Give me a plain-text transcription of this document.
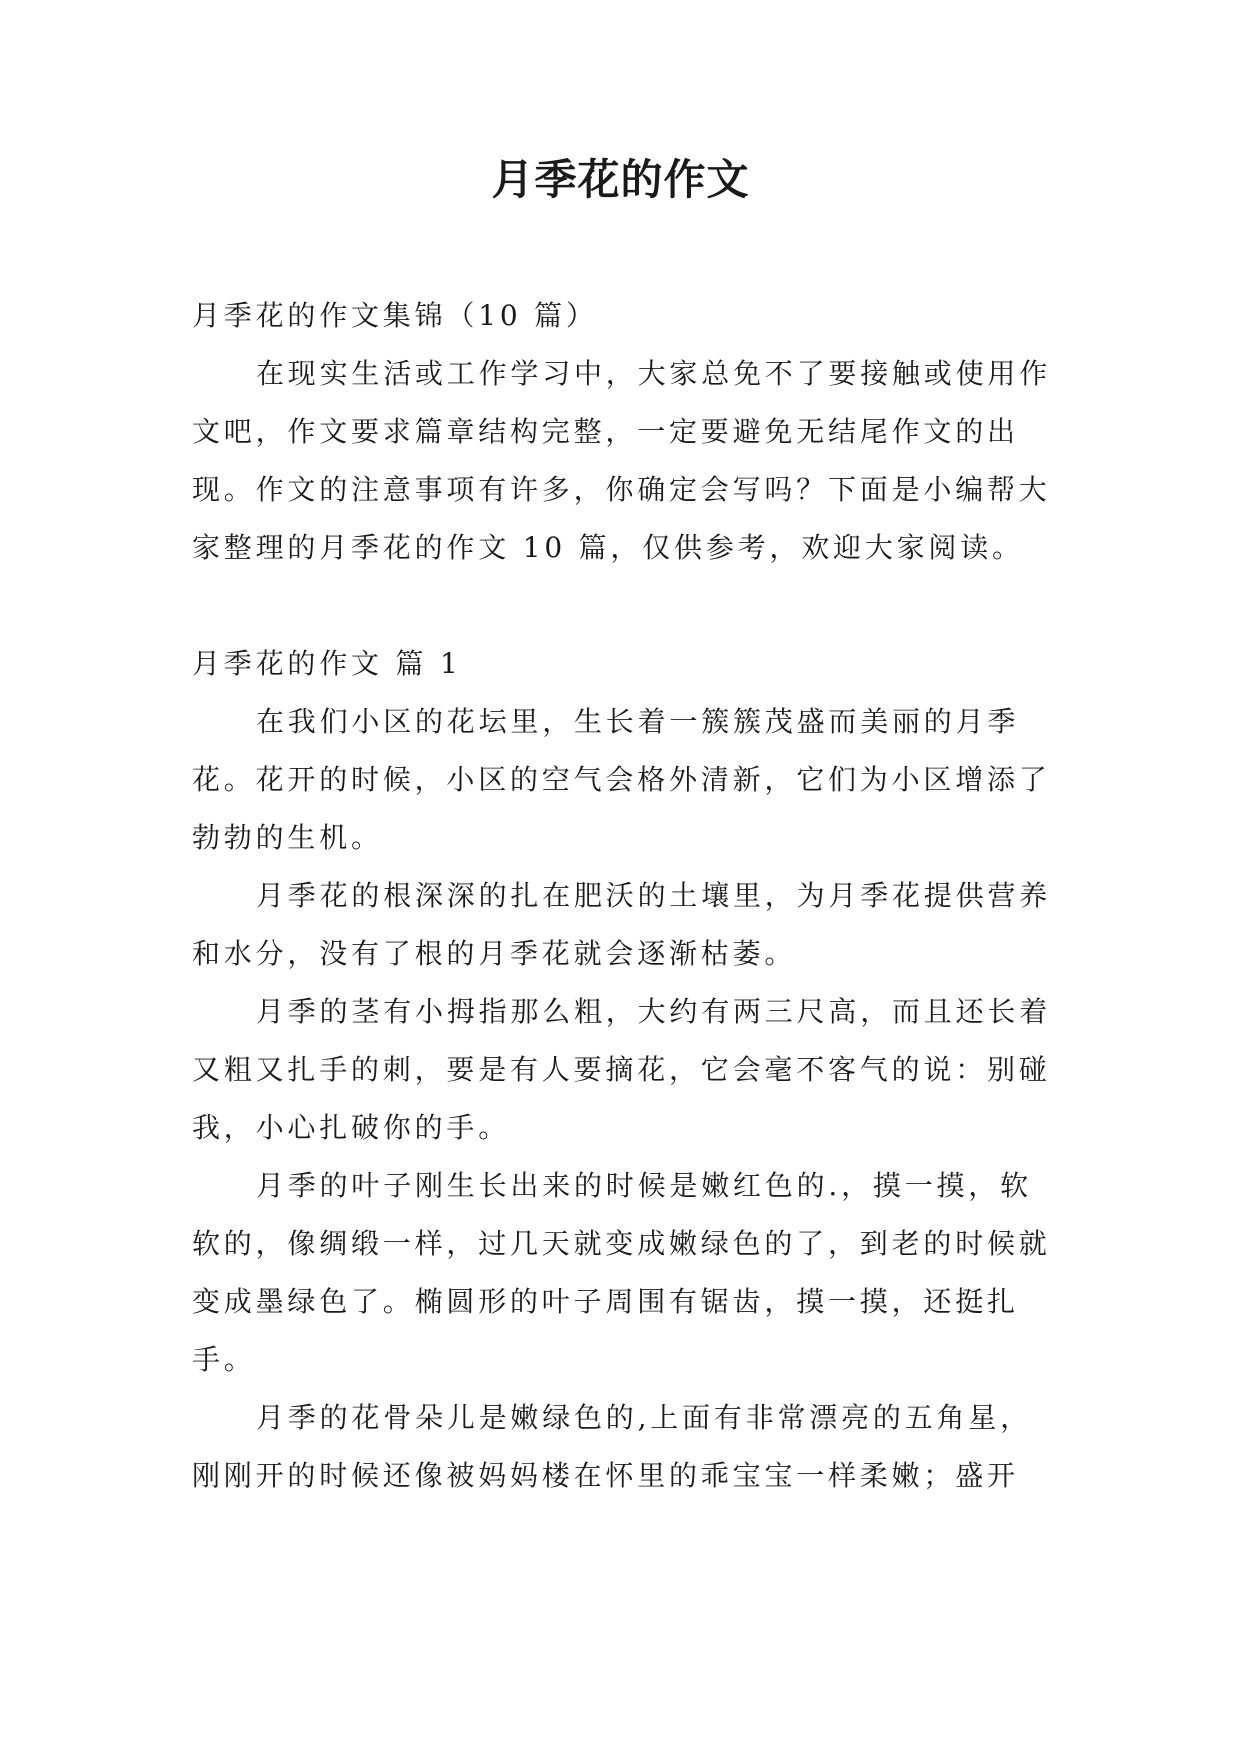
月季花的作文

月季花的作文集锦（10 篇）

在现实生活或工作学习中，大家总免不了要接触或使用作文吧，作文要求篇章结构完整，一定要避免无结尾作文的出现。作文的注意事项有许多，你确定会写吗？下面是小编帮大家整理的月季花的作文 10 篇，仅供参考，欢迎大家阅读。

月季花的作文 篇 1

在我们小区的花坛里，生长着一簇簇茂盛而美丽的月季花。花开的时候，小区的空气会格外清新，它们为小区增添了勃勃的生机。

月季花的根深深的扎在肥沃的土壤里，为月季花提供营养和水分，没有了根的月季花就会逐渐枯萎。

月季的茎有小拇指那么粗，大约有两三尺高，而且还长着又粗又扎手的刺，要是有人要摘花，它会毫不客气的说：别碰我，小心扎破你的手。

月季的叶子刚生长出来的时候是嫩红色的.，摸一摸，软软的，像绸缎一样，过几天就变成嫩绿色的了，到老的时候就变成墨绿色了。椭圆形的叶子周围有锯齿，摸一摸，还挺扎手。

月季的花骨朵儿是嫩绿色的,上面有非常漂亮的五角星，刚刚开的时候还像被妈妈楼在怀里的乖宝宝一样柔嫩；盛开
